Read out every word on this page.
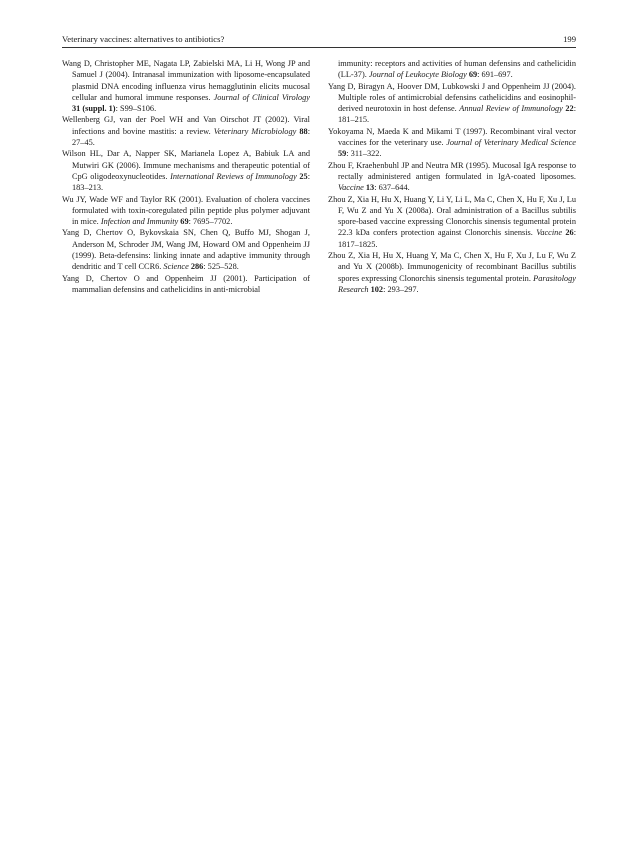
Veterinary vaccines: alternatives to antibiotics?	199

Wang D, Christopher ME, Nagata LP, Zabielski MA, Li H, Wong JP and Samuel J (2004). Intranasal immunization with liposome-encapsulated plasmid DNA encoding influenza virus hemagglutinin elicits mucosal cellular and humoral immune responses. Journal of Clinical Virology 31 (suppl. 1): S99–S106.

Wellenberg GJ, van der Poel WH and Van Oirschot JT (2002). Viral infections and bovine mastitis: a review. Veterinary Microbiology 88: 27–45.

Wilson HL, Dar A, Napper SK, Marianela Lopez A, Babiuk LA and Mutwiri GK (2006). Immune mechanisms and therapeutic potential of CpG oligodeoxynucleotides. International Reviews of Immunology 25: 183–213.

Wu JY, Wade WF and Taylor RK (2001). Evaluation of cholera vaccines formulated with toxin-coregulated pilin peptide plus polymer adjuvant in mice. Infection and Immunity 69: 7695–7702.

Yang D, Chertov O, Bykovskaia SN, Chen Q, Buffo MJ, Shogan J, Anderson M, Schroder JM, Wang JM, Howard OM and Oppenheim JJ (1999). Beta-defensins: linking innate and adaptive immunity through dendritic and T cell CCR6. Science 286: 525–528.

Yang D, Chertov O and Oppenheim JJ (2001). Participation of mammalian defensins and cathelicidins in anti-microbial

immunity: receptors and activities of human defensins and cathelicidin (LL-37). Journal of Leukocyte Biology 69: 691–697.

Yang D, Biragyn A, Hoover DM, Lubkowski J and Oppenheim JJ (2004). Multiple roles of antimicrobial defensins cathelicidins and eosinophil-derived neurotoxin in host defense. Annual Review of Immunology 22: 181–215.

Yokoyama N, Maeda K and Mikami T (1997). Recombinant viral vector vaccines for the veterinary use. Journal of Veterinary Medical Science 59: 311–322.

Zhou F, Kraehenbuhl JP and Neutra MR (1995). Mucosal IgA response to rectally administered antigen formulated in IgA-coated liposomes. Vaccine 13: 637–644.

Zhou Z, Xia H, Hu X, Huang Y, Li Y, Li L, Ma C, Chen X, Hu F, Xu J, Lu F, Wu Z and Yu X (2008a). Oral administration of a Bacillus subtilis spore-based vaccine expressing Clonorchis sinensis tegumental protein 22.3 kDa confers protection against Clonorchis sinensis. Vaccine 26: 1817–1825.

Zhou Z, Xia H, Hu X, Huang Y, Ma C, Chen X, Hu F, Xu J, Lu F, Wu Z and Yu X (2008b). Immunogenicity of recombinant Bacillus subtilis spores expressing Clonorchis sinensis tegumental protein. Parasitology Research 102: 293–297.
